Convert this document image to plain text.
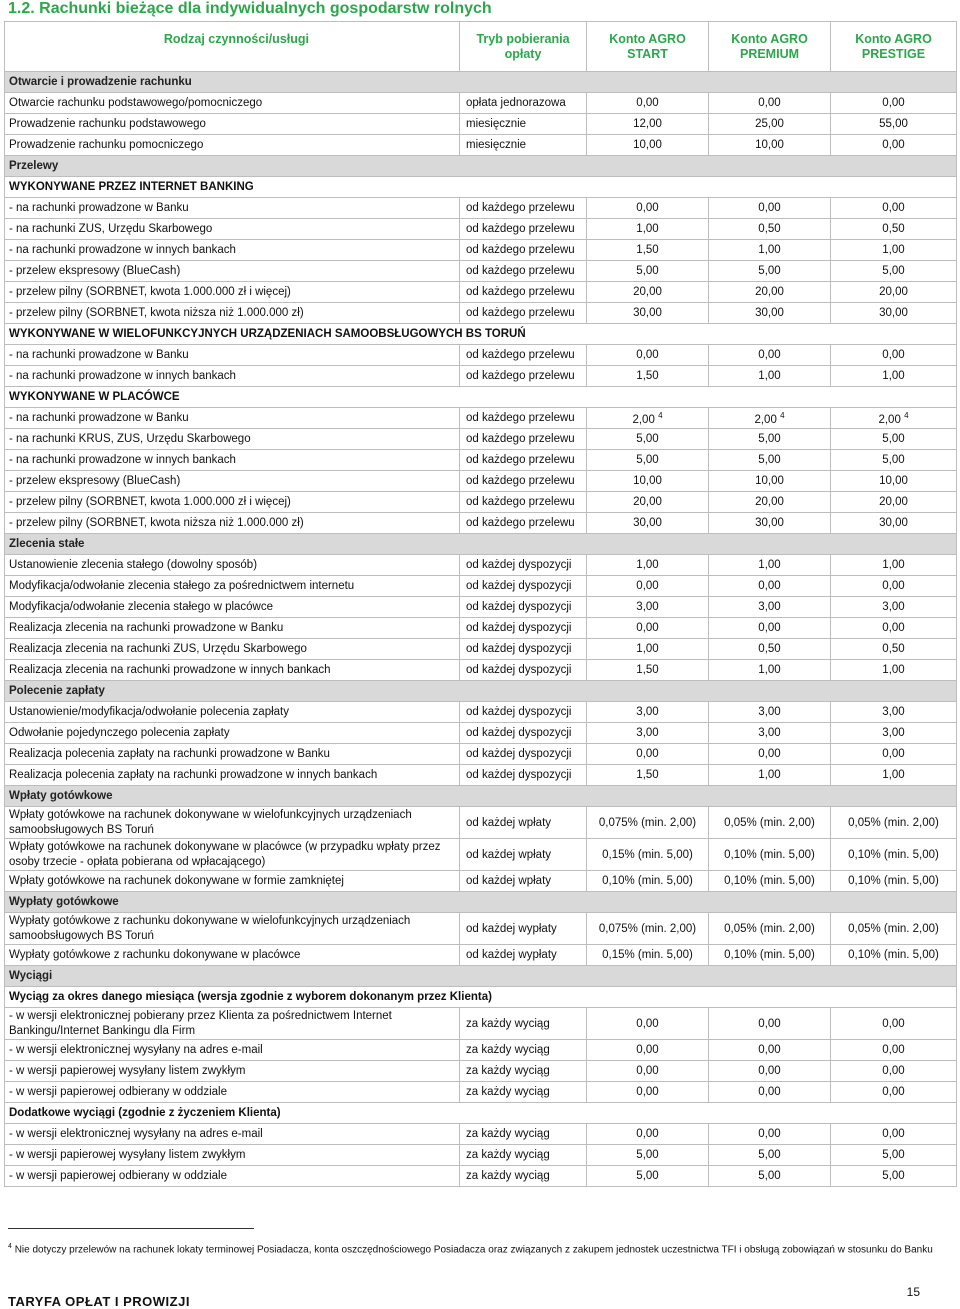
1.2. Rachunki bieżące dla indywidualnych gospodarstw rolnych
Rodzaj czynności/usługi	Tryb pobierania opłaty	Konto AGRO START	Konto AGRO PREMIUM	Konto AGRO PRESTIGE
Otwarcie i prowadzenie rachunku				
Otwarcie rachunku podstawowego/pomocniczego	opłata jednorazowa	0,00	0,00	0,00
Prowadzenie rachunku podstawowego	miesięcznie	12,00	25,00	55,00
Prowadzenie rachunku pomocniczego	miesięcznie	10,00	10,00	0,00
Przelewy				
WYKONYWANE PRZEZ INTERNET BANKING				
- na rachunki prowadzone w Banku	od każdego przelewu	0,00	0,00	0,00
- na rachunki ZUS, Urzędu Skarbowego	od każdego przelewu	1,00	0,50	0,50
- na rachunki prowadzone w innych bankach	od każdego przelewu	1,50	1,00	1,00
- przelew ekspresowy (BlueCash)	od każdego przelewu	5,00	5,00	5,00
- przelew pilny (SORBNET, kwota 1.000.000 zł i więcej)	od każdego przelewu	20,00	20,00	20,00
- przelew pilny (SORBNET, kwota niższa niż 1.000.000 zł)	od każdego przelewu	30,00	30,00	30,00
WYKONYWANE W WIELOFUNKCYJNYCH URZĄDZENIACH SAMOOBSŁUGOWYCH BS TORUŃ				
- na rachunki prowadzone w Banku	od każdego przelewu	0,00	0,00	0,00
- na rachunki prowadzone w innych bankach	od każdego przelewu	1,50	1,00	1,00
WYKONYWANE W PLACÓWCE				
- na rachunki prowadzone w Banku	od każdego przelewu	2,00 $^4$	2,00 $^4$	2,00 $^4$
- na rachunki KRUS, ZUS, Urzędu Skarbowego	od każdego przelewu	5,00	5,00	5,00
- na rachunki prowadzone w innych bankach	od każdego przelewu	5,00	5,00	5,00
- przelew ekspresowy (BlueCash)	od każdego przelewu	10,00	10,00	10,00
- przelew pilny (SORBNET, kwota 1.000.000 zł i więcej)	od każdego przelewu	20,00	20,00	20,00
- przelew pilny (SORBNET, kwota niższa niż 1.000.000 zł)	od każdego przelewu	30,00	30,00	30,00
Zlecenia stałe				
Ustanowienie zlecenia stałego (dowolny sposób)	od każdej dyspozycji	1,00	1,00	1,00
Modyfikacja/odwołanie zlecenia stałego za pośrednictwem internetu	od każdej dyspozycji	0,00	0,00	0,00
Modyfikacja/odwołanie zlecenia stałego w placówce	od każdej dyspozycji	3,00	3,00	3,00
Realizacja zlecenia na rachunki prowadzone w Banku	od każdej dyspozycji	0,00	0,00	0,00
Realizacja zlecenia na rachunki ZUS, Urzędu Skarbowego	od każdej dyspozycji	1,00	0,50	0,50
Realizacja zlecenia na rachunki prowadzone w innych bankach	od każdej dyspozycji	1,50	1,00	1,00
Polecenie zapłaty				
Ustanowienie/modyfikacja/odwołanie polecenia zapłaty	od każdej dyspozycji	3,00	3,00	3,00
Odwołanie pojedynczego polecenia zapłaty	od każdej dyspozycji	3,00	3,00	3,00
Realizacja polecenia zapłaty na rachunki prowadzone w Banku	od każdej dyspozycji	0,00	0,00	0,00
Realizacja polecenia zapłaty na rachunki prowadzone w innych bankach	od każdej dyspozycji	1,50	1,00	1,00
Wpłaty gotówkowe				
Wpłaty gotówkowe na rachunek dokonywane w wielofunkcyjnych urządzeniach samoobsługowych BS Toruń	od każdej wpłaty	0,075% (min. 2,00)	0,05% (min. 2,00)	0,05% (min. 2,00)
Wpłaty gotówkowe na rachunek dokonywane w placówce (w przypadku wpłaty przez osoby trzecie - opłata pobierana od wpłacającego)	od każdej wpłaty	0,15% (min. 5,00)	0,10% (min. 5,00)	0,10% (min. 5,00)
Wpłaty gotówkowe na rachunek dokonywane w formie zamkniętej	od każdej wpłaty	0,10% (min. 5,00)	0,10% (min. 5,00)	0,10% (min. 5,00)
Wypłaty gotówkowe				
Wypłaty gotówkowe z rachunku dokonywane w wielofunkcyjnych urządzeniach samoobsługowych BS Toruń	od każdej wypłaty	0,075% (min. 2,00)	0,05% (min. 2,00)	0,05% (min. 2,00)
Wypłaty gotówkowe z rachunku dokonywane w placówce	od każdej wypłaty	0,15% (min. 5,00)	0,10% (min. 5,00)	0,10% (min. 5,00)
Wyciągi				
Wyciąg za okres danego miesiąca (wersja zgodnie z wyborem dokonanym przez Klienta)				
- w wersji elektronicznej pobierany przez Klienta za pośrednictwem Internet Bankingu/Internet Bankingu dla Firm	za każdy wyciąg	0,00	0,00	0,00
- w wersji elektronicznej wysyłany na adres e-mail	za każdy wyciąg	0,00	0,00	0,00
- w wersji papierowej wysyłany listem zwykłym	za każdy wyciąg	0,00	0,00	0,00
- w wersji papierowej odbierany w oddziale	za każdy wyciąg	0,00	0,00	0,00
Dodatkowe wyciągi (zgodnie z życzeniem Klienta)				
- w wersji elektronicznej wysyłany na adres e-mail	za każdy wyciąg	0,00	0,00	0,00
- w wersji papierowej wysyłany listem zwykłym	za każdy wyciąg	5,00	5,00	5,00
- w wersji papierowej odbierany w oddziale	za każdy wyciąg	5,00	5,00	5,00
$^4$ Nie dotyczy przelewów na rachunek lokaty terminowej Posiadacza, konta oszczędnościowego Posiadacza oraz związanych z zakupem jednostek uczestnictwa TFI i obsługą zobowiązań w stosunku do Banku
15
TARYFA OPŁAT I PROWIZJI
